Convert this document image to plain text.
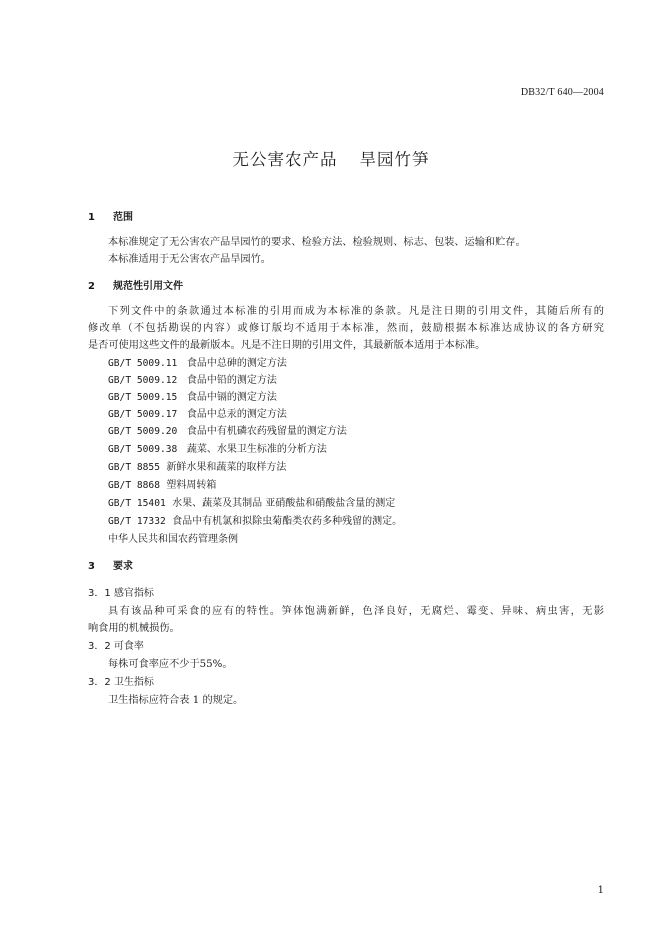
DB32/T 640—2004
无公害农产品 旱园竹笋
1 范围
本标准规定了无公害农产品旱园竹的要求、检验方法、检验规则、标志、包装、运输和贮存。
本标准适用于无公害农产品旱园竹。
2 规范性引用文件
下列文件中的条款通过本标准的引用而成为本标准的条款。凡是注日期的引用文件，其随后所有的
修改单（不包括勘误的内容）或修订版均不适用于本标准，然而，鼓励根据本标准达成协议的各方研究
是否可使用这些文件的最新版本。凡是不注日期的引用文件，其最新版本适用于本标准。
GB/T 5009.11 食品中总砷的测定方法
GB/T 5009.12 食品中铅的测定方法
GB/T 5009.15 食品中镉的测定方法
GB/T 5009.17 食品中总汞的测定方法
GB/T 5009.20 食品中有机磷农药残留量的测定方法
GB/T 5009.38 蔬菜、水果卫生标准的分析方法
GB/T 8855 新鲜水果和蔬菜的取样方法
GB/T 8868 塑料周转箱
GB/T 15401 水果、蔬菜及其制品 亚硝酸盐和硝酸盐含量的测定
GB/T 17332 食品中有机氯和拟除虫菊酯类农药多种残留的测定。
中华人民共和国农药管理条例
3 要求
3．1 感官指标
具有该品种可采食的应有的特性。笋体饱满新鲜，色泽良好，无腐烂、霉变、异味、病虫害，无影
响食用的机械损伤。
3．2 可食率
每株可食率应不少于55%。
3．2 卫生指标
卫生指标应符合表 1 的规定。
1
